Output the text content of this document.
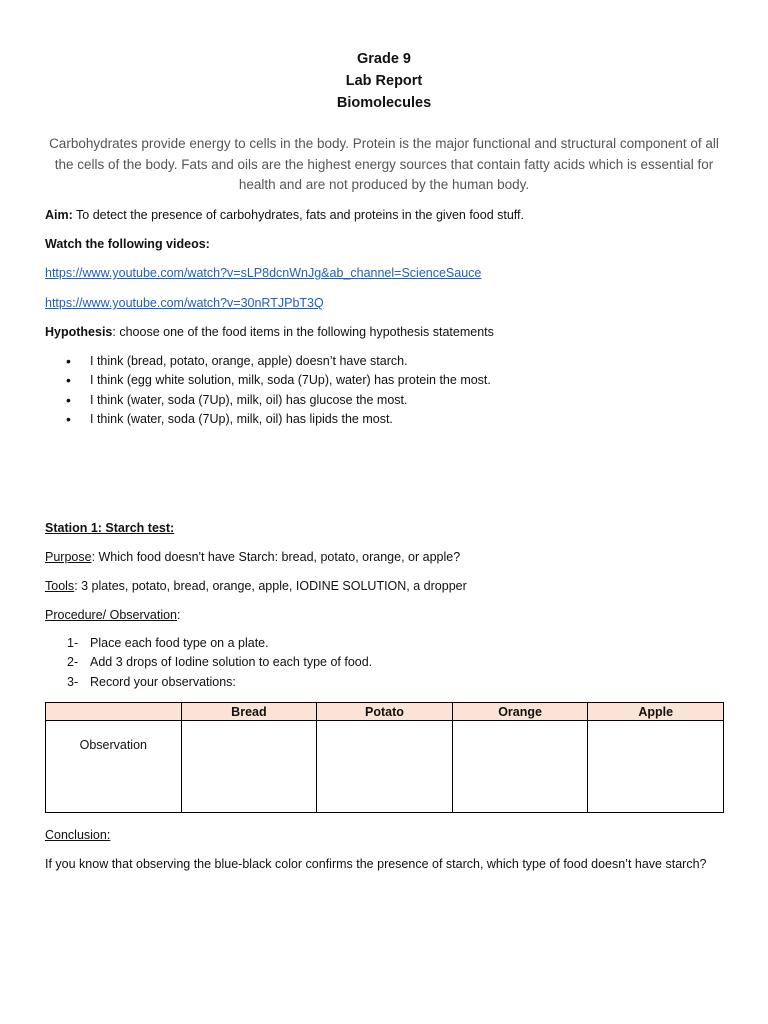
Grade 9
Lab Report
Biomolecules
Carbohydrates provide energy to cells in the body. Protein is the major functional and structural component of all the cells of the body. Fats and oils are the highest energy sources that contain fatty acids which is essential for health and are not produced by the human body.
Aim: To detect the presence of carbohydrates, fats and proteins in the given food stuff.
Watch the following videos:
https://www.youtube.com/watch?v=sLP8dcnWnJg&ab_channel=ScienceSauce
https://www.youtube.com/watch?v=30nRTJPbT3Q
Hypothesis: choose one of the food items in the following hypothesis statements
• I think (bread, potato, orange, apple) doesn’t have starch.
• I think (egg white solution, milk, soda (7Up), water) has protein the most.
• I think (water, soda (7Up), milk, oil) has glucose the most.
• I think (water, soda (7Up), milk, oil) has lipids the most.
Station 1: Starch test:
Purpose: Which food doesn't have Starch: bread, potato, orange, or apple?
Tools: 3 plates, potato, bread, orange, apple, IODINE SOLUTION, a dropper
Procedure/ Observation:
1- Place each food type on a plate.
2- Add 3 drops of Iodine solution to each type of food.
3- Record your observations:
	Bread	Potato	Orange	Apple
Observation				
Conclusion:
If you know that observing the blue-black color confirms the presence of starch, which type of food doesn’t have starch?
